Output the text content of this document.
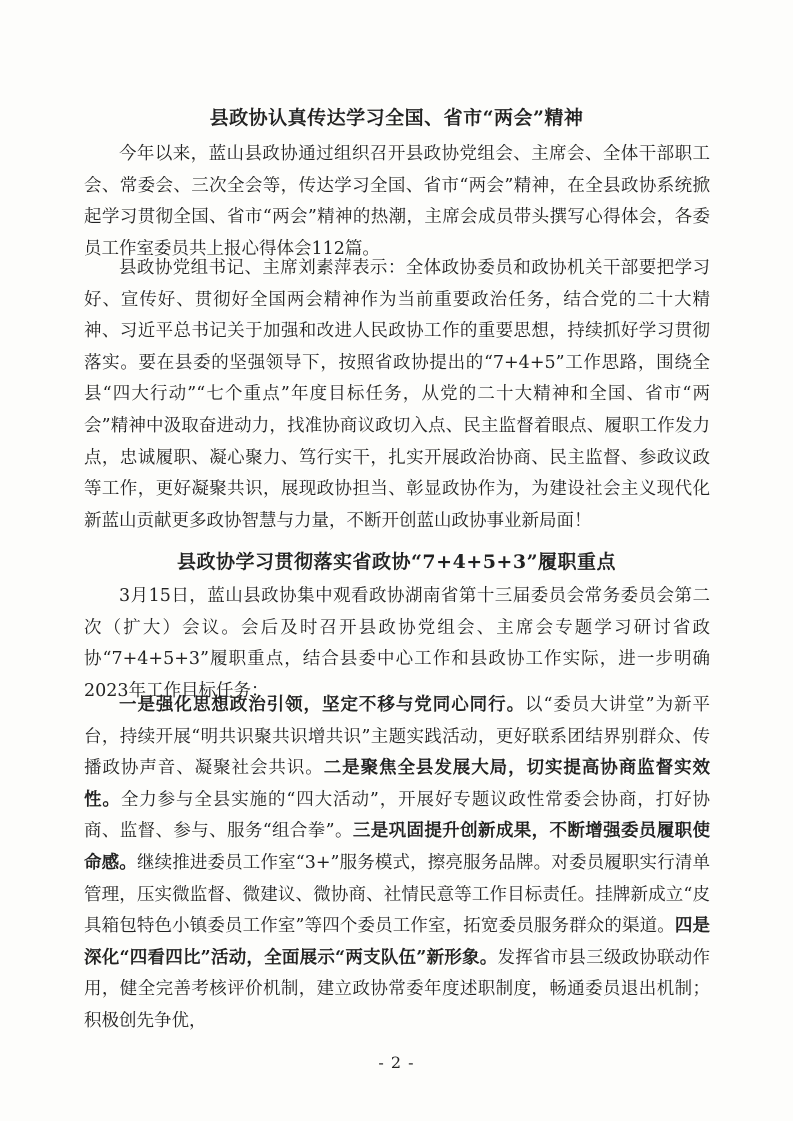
县政协认真传达学习全国、省市“两会”精神

今年以来，蓝山县政协通过组织召开县政协党组会、主席会、全体干部职工会、常委会、三次全会等，传达学习全国、省市“两会”精神，在全县政协系统掀起学习贯彻全国、省市“两会”精神的热潮，主席会成员带头撰写心得体会，各委员工作室委员共上报心得体会112篇。

县政协党组书记、主席刘素萍表示：全体政协委员和政协机关干部要把学习好、宣传好、贯彻好全国两会精神作为当前重要政治任务，结合党的二十大精神、习近平总书记关于加强和改进人民政协工作的重要思想，持续抓好学习贯彻落实。要在县委的坚强领导下，按照省政协提出的“7+4+5”工作思路，围绕全县“四大行动”“七个重点”年度目标任务，从党的二十大精神和全国、省市“两会”精神中汲取奋进动力，找准协商议政切入点、民主监督着眼点、履职工作发力点，忠诚履职、凝心聚力、笃行实干，扎实开展政治协商、民主监督、参政议政等工作，更好凝聚共识，展现政协担当、彰显政协作为，为建设社会主义现代化新蓝山贡献更多政协智慧与力量，不断开创蓝山政协事业新局面！

县政协学习贯彻落实省政协“7+4+5+3”履职重点

3月15日，蓝山县政协集中观看政协湖南省第十三届委员会常务委员会第二次（扩大）会议。会后及时召开县政协党组会、主席会专题学习研讨省政协“7+4+5+3”履职重点，结合县委中心工作和县政协工作实际，进一步明确2023年工作目标任务：

一是强化思想政治引领，坚定不移与党同心同行。以“委员大讲堂”为新平台，持续开展“明共识聚共识增共识”主题实践活动，更好联系团结界别群众、传播政协声音、凝聚社会共识。二是聚焦全县发展大局，切实提高协商监督实效性。全力参与全县实施的“四大活动”，开展好专题议政性常委会协商，打好协商、监督、参与、服务“组合拳”。三是巩固提升创新成果，不断增强委员履职使命感。继续推进委员工作室“3+”服务模式，擦亮服务品牌。对委员履职实行清单管理，压实微监督、微建议、微协商、社情民意等工作目标责任。挂牌新成立“皮具箱包特色小镇委员工作室”等四个委员工作室，拓宽委员服务群众的渠道。四是深化“四看四比”活动，全面展示“两支队伍”新形象。发挥省市县三级政协联动作用，健全完善考核评价机制，建立政协常委年度述职制度，畅通委员退出机制；积极创先争优，

- 2 -
